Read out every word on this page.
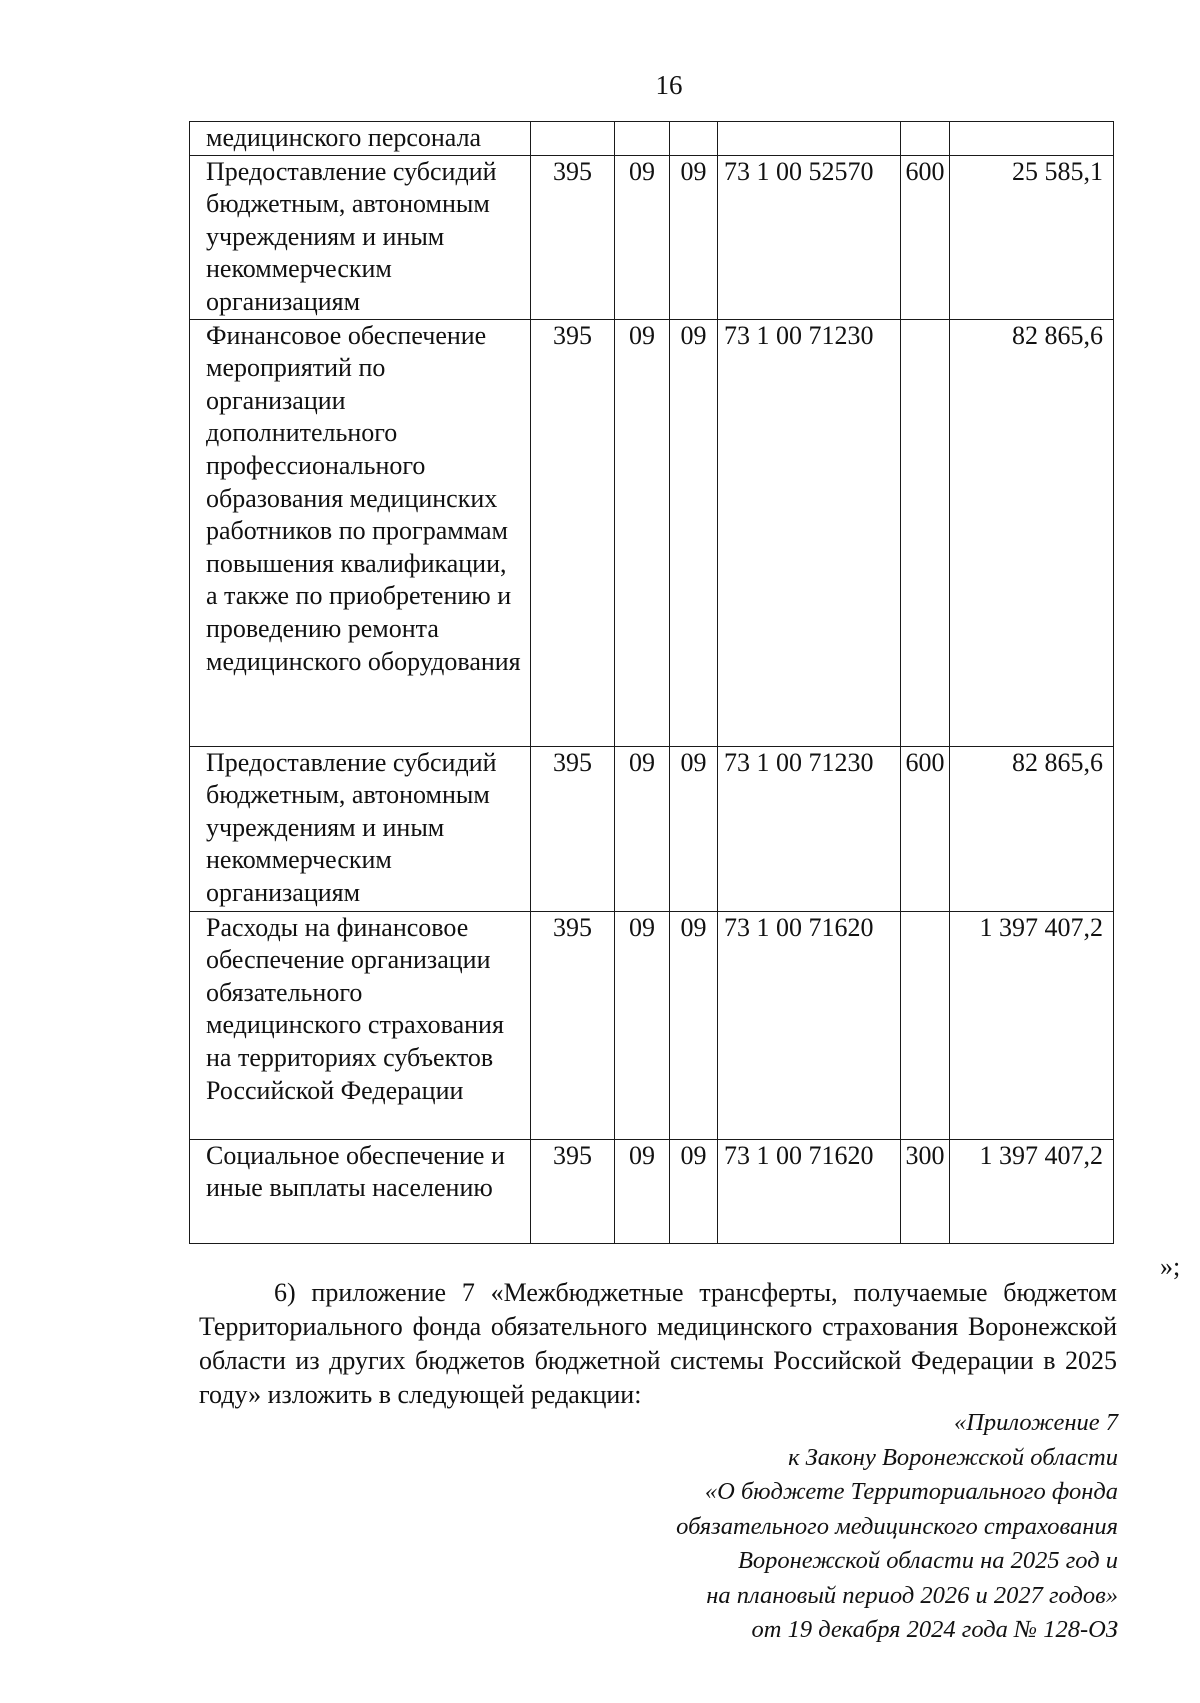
16
медицинского персонала						
Предоставление субсидий бюджетным, автономным учреждениям и иным некоммерческим организациям	395	09	09	73 1 00 52570	600	25 585,1
Финансовое обеспечение мероприятий по организации дополнительного профессионального образования медицинских работников по программам повышения квалификации, а также по приобретению и проведению ремонта медицинского оборудования	395	09	09	73 1 00 71230		82 865,6
Предоставление субсидий бюджетным, автономным учреждениям и иным некоммерческим организациям	395	09	09	73 1 00 71230	600	82 865,6
Расходы на финансовое обеспечение организации обязательного медицинского страхования на территориях субъектов Российской Федерации	395	09	09	73 1 00 71620		1 397 407,2
Социальное обеспечение и иные выплаты населению	395	09	09	73 1 00 71620	300	1 397 407,2
»;

6) приложение 7 «Межбюджетные трансферты, получаемые бюджетом Территориального фонда обязательного медицинского страхования Воронежской области из других бюджетов бюджетной системы Российской Федерации в 2025 году» изложить в следующей редакции:

«Приложение 7
к Закону Воронежской области
«О бюджете Территориального фонда
обязательного медицинского страхования
Воронежской области на 2025 год и
на плановый период 2026 и 2027 годов»
от 19 декабря 2024 года № 128-ОЗ
